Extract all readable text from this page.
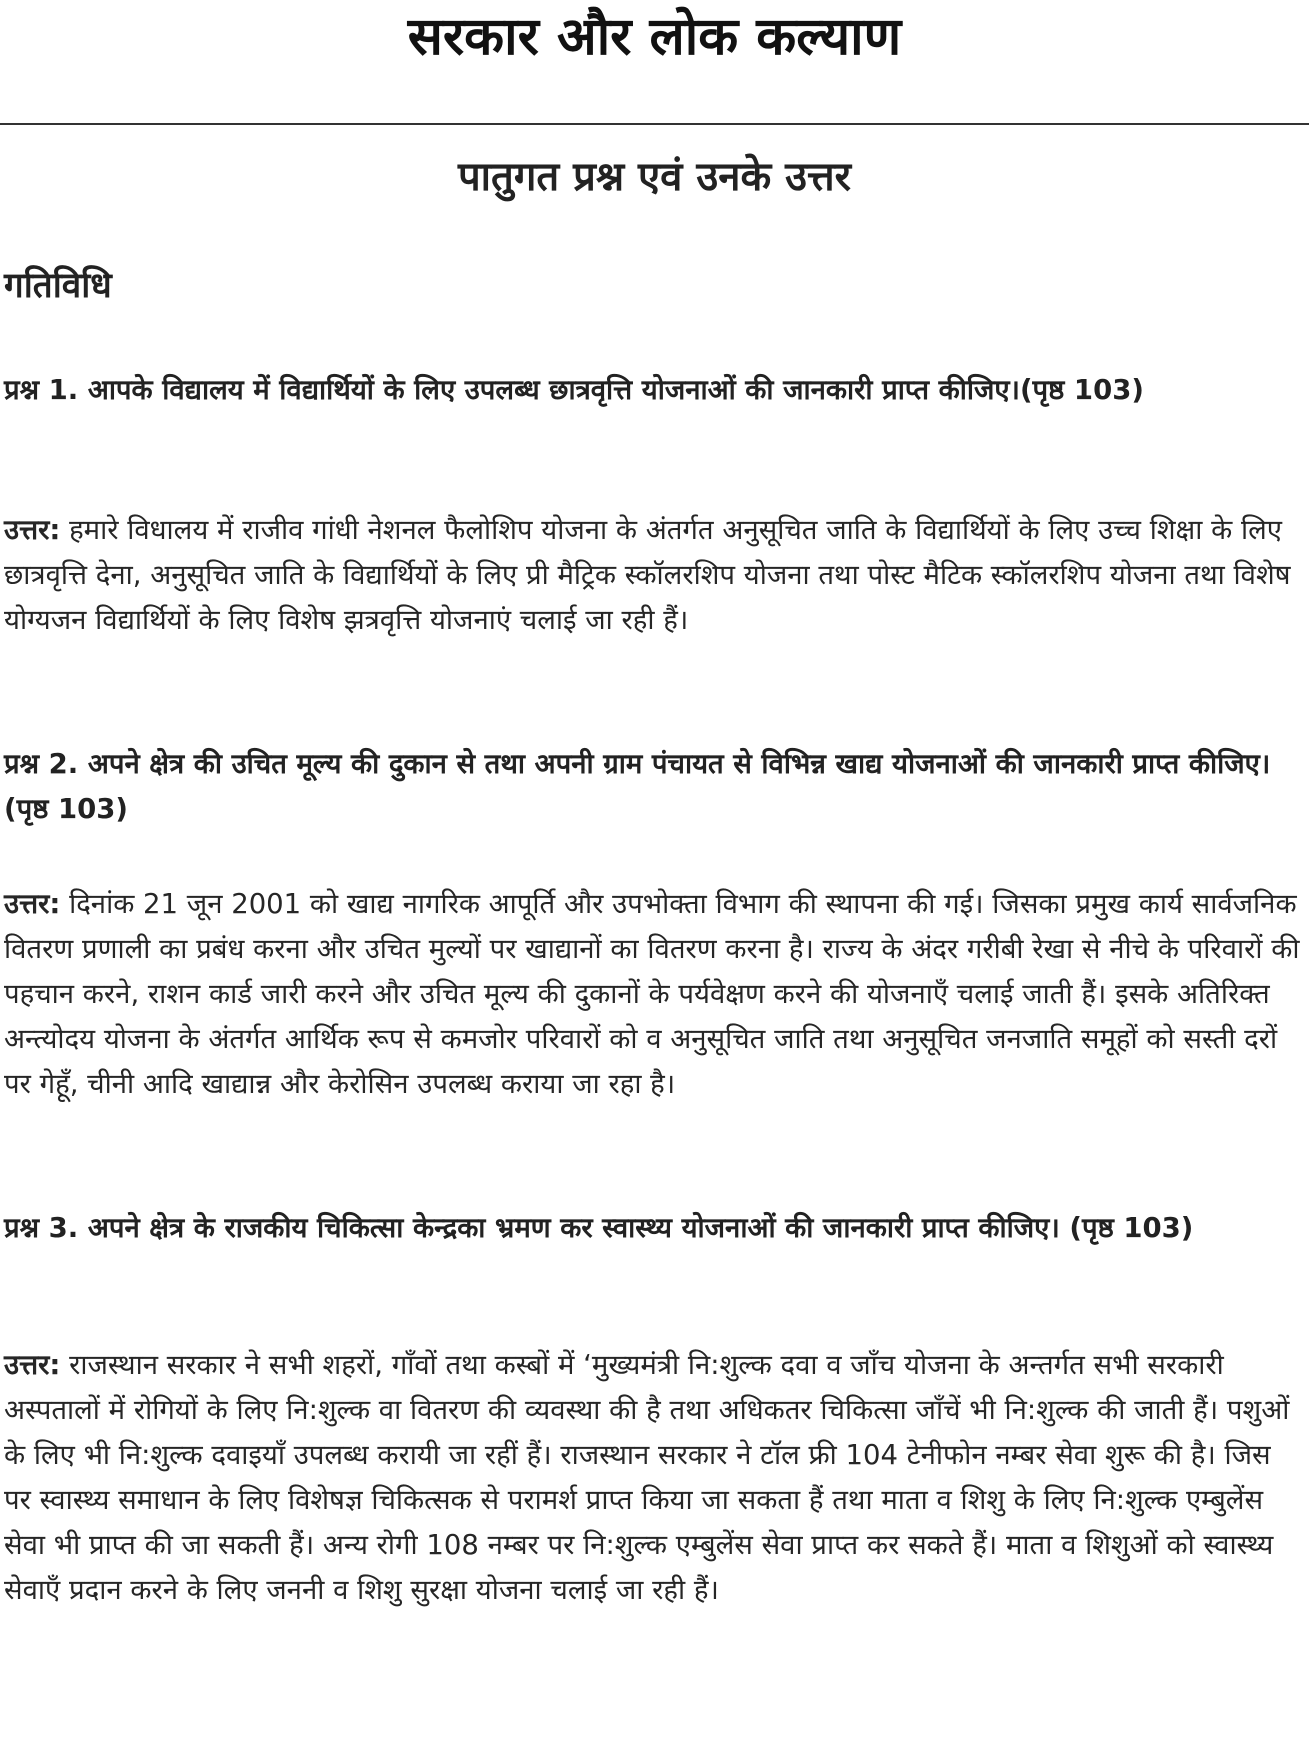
सरकार और लोक कल्याण
पातुगत प्रश्न एवं उनके उत्तर
गतिविधि

प्रश्न 1. आपके विद्यालय में विद्यार्थियों के लिए उपलब्ध छात्रवृत्ति योजनाओं की जानकारी प्राप्त कीजिए।(पृष्ठ 103)

उत्तर: हमारे विधालय में राजीव गांधी नेशनल फैलोशिप योजना के अंतर्गत अनुसूचित जाति के विद्यार्थियों के लिए उच्च शिक्षा के लिए छात्रवृत्ति देना, अनुसूचित जाति के विद्यार्थियों के लिए प्री मैट्रिक स्कॉलरशिप योजना तथा पोस्ट मैटिक स्कॉलरशिप योजना तथा विशेष योग्यजन विद्यार्थियों के लिए विशेष झत्रवृत्ति योजनाएं चलाई जा रही हैं।

प्रश्न 2. अपने क्षेत्र की उचित मूल्य की दुकान से तथा अपनी ग्राम पंचायत से विभिन्न खाद्य योजनाओं की जानकारी प्राप्त कीजिए। (पृष्ठ 103)

उत्तर: दिनांक 21 जून 2001 को खाद्य नागरिक आपूर्ति और उपभोक्ता विभाग की स्थापना की गई। जिसका प्रमुख कार्य सार्वजनिक वितरण प्रणाली का प्रबंध करना और उचित मुल्यों पर खाद्यानों का वितरण करना है। राज्य के अंदर गरीबी रेखा से नीचे के परिवारों की पहचान करने, राशन कार्ड जारी करने और उचित मूल्य की दुकानों के पर्यवेक्षण करने की योजनाएँ चलाई जाती हैं। इसके अतिरिक्त अन्त्योदय योजना के अंतर्गत आर्थिक रूप से कमजोर परिवारों को व अनुसूचित जाति तथा अनुसूचित जनजाति समूहों को सस्ती दरों पर गेहूँ, चीनी आदि खाद्यान्न और केरोसिन उपलब्ध कराया जा रहा है।

प्रश्न 3. अपने क्षेत्र के राजकीय चिकित्सा केन्द्रका भ्रमण कर स्वास्थ्य योजनाओं की जानकारी प्राप्त कीजिए। (पृष्ठ 103)

उत्तर: राजस्थान सरकार ने सभी शहरों, गाँवों तथा कस्बों में ‘मुख्यमंत्री नि:शुल्क दवा व जाँच योजना के अन्तर्गत सभी सरकारी अस्पतालों में रोगियों के लिए नि:शुल्क वा वितरण की व्यवस्था की है तथा अधिकतर चिकित्सा जाँचें भी नि:शुल्क की जाती हैं। पशुओं के लिए भी नि:शुल्क दवाइयाँ उपलब्ध करायी जा रहीं हैं। राजस्थान सरकार ने टॉल फ्री 104 टेनीफोन नम्बर सेवा शुरू की है। जिस पर स्वास्थ्य समाधान के लिए विशेषज्ञ चिकित्सक से परामर्श प्राप्त किया जा सकता हैं तथा माता व शिशु के लिए नि:शुल्क एम्बुलेंस सेवा भी प्राप्त की जा सकती हैं। अन्य रोगी 108 नम्बर पर नि:शुल्क एम्बुलेंस सेवा प्राप्त कर सकते हैं। माता व शिशुओं को स्वास्थ्य सेवाएँ प्रदान करने के लिए जननी व शिशु सुरक्षा योजना चलाई जा रही हैं।
